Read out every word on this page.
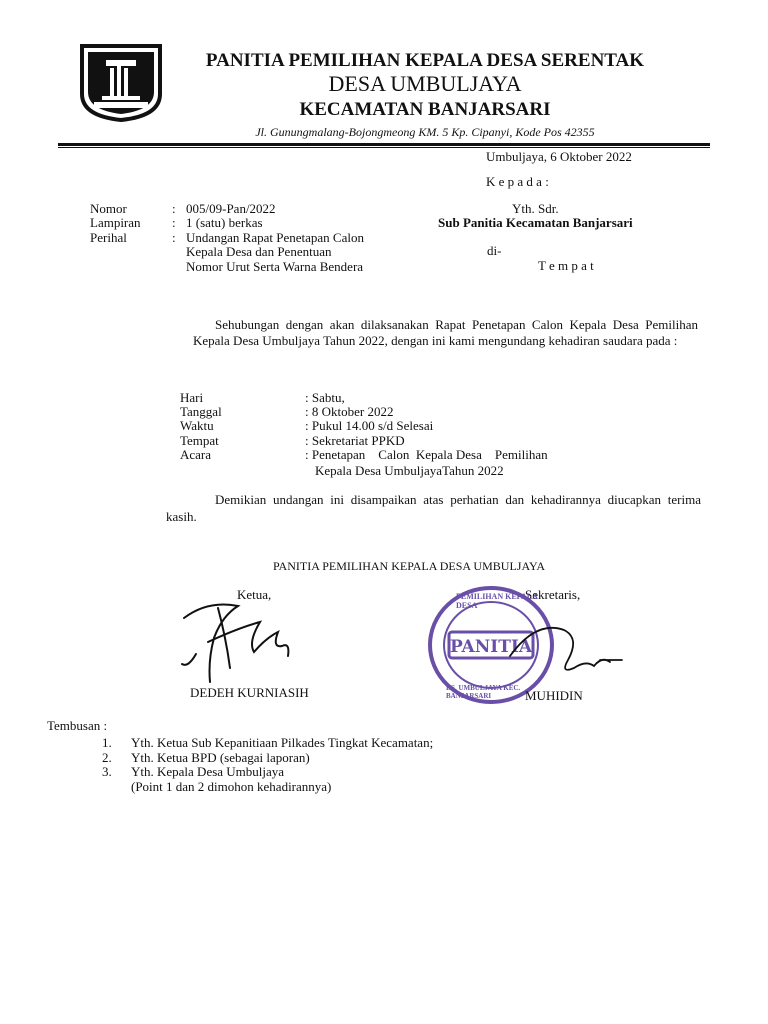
PANITIA PEMILIHAN KEPALA DESA SERENTAK
DESA UMBULJAYA
KECAMATAN BANJARSARI
Jl. Gunungmalang-Bojongmeong KM. 5 Kp. Cipanyi, Kode Pos 42355
Umbuljaya, 6 Oktober 2022
K e p a d a :
Nomor	: 005/09-Pan/2022
Lampiran : 1 (satu) berkas
Perihal	: Undangan Rapat Penetapan Calon
Kepala Desa dan Penentuan
Nomor Urut Serta Warna Bendera
Yth. Sdr.
Sub Panitia Kecamatan Banjarsari
di-
T e m p a t
Sehubungan dengan akan dilaksanakan Rapat Penetapan Calon Kepala Desa Pemilihan Kepala Desa Umbuljaya Tahun 2022, dengan ini kami mengundang kehadiran saudara pada :
Hari	: Sabtu,
Tanggal	: 8 Oktober 2022
Waktu	: Pukul 14.00 s/d Selesai
Tempat	: Sekretariat PPKD
Acara	: Penetapan    Calon  Kepala Desa    Pemilihan
Kepala Desa UmbuljayaTahun 2022
Demikian undangan ini disampaikan atas perhatian dan kehadirannya diucapkan terima kasih.
PANITIA PEMILIHAN KEPALA DESA UMBULJAYA
Ketua,	Sekretaris,
PANITIA
PEMILIHAN KEPALA DESA
DS. UMBULJAYA KEC. BANJARSARI
DEDEH KURNIASIH	MUHIDIN
Tembusan :
1. Yth. Ketua Sub Kepanitiaan Pilkades Tingkat Kecamatan;
2. Yth. Ketua BPD (sebagai laporan)
3. Yth. Kepala Desa Umbuljaya
(Point 1 dan 2 dimohon kehadirannya)
